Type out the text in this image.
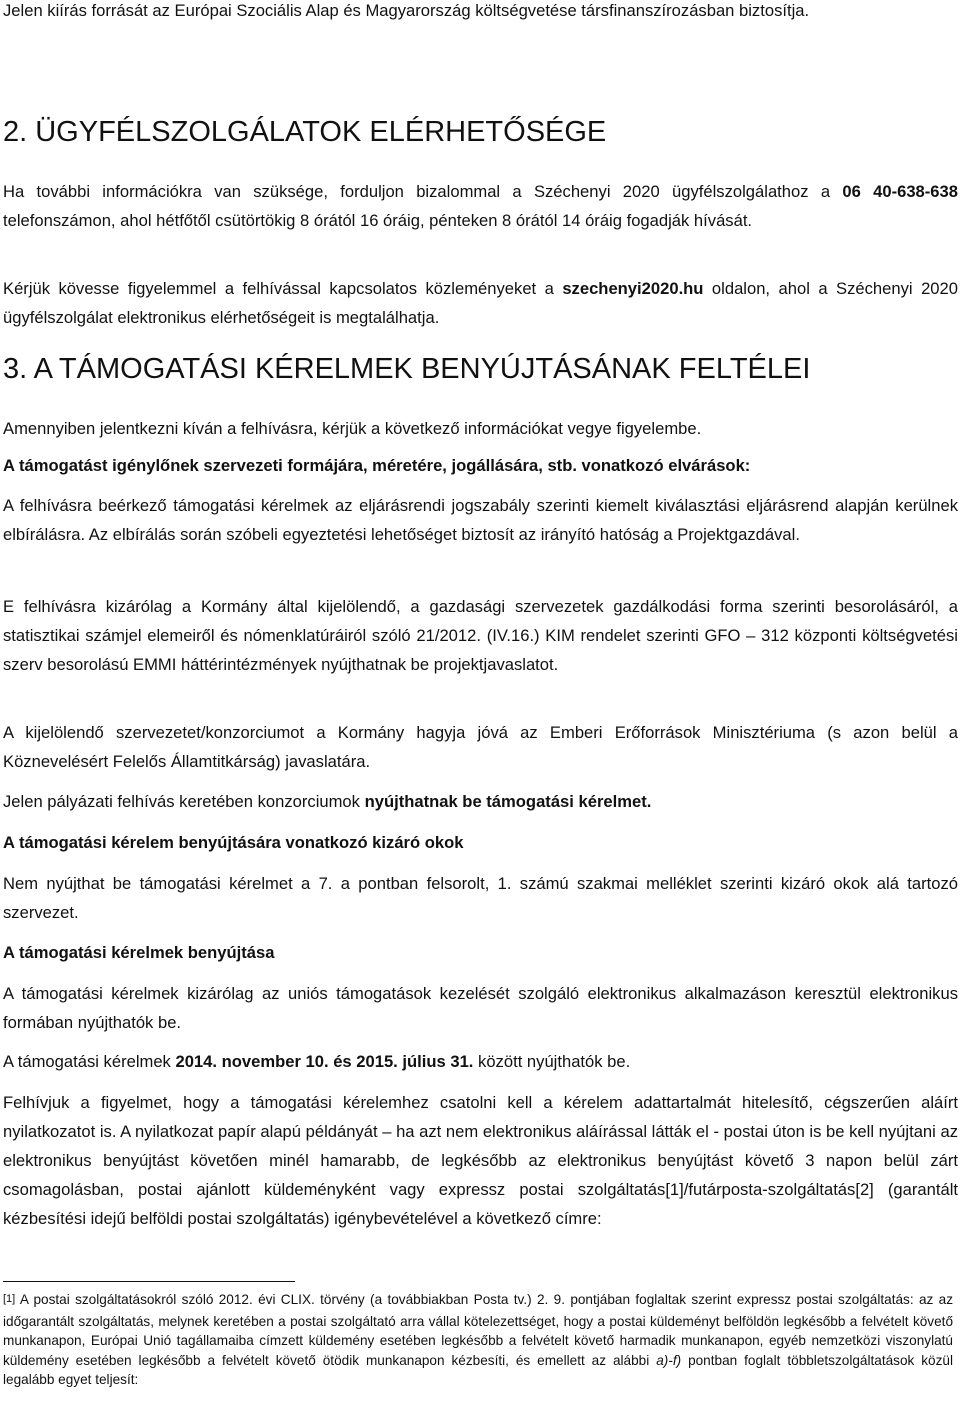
Jelen kiírás forrását az Európai Szociális Alap és Magyarország költségvetése társfinanszírozásban biztosítja.

2. ÜGYFÉLSZOLGÁLATOK ELÉRHETŐSÉGE

Ha további információkra van szüksége, forduljon bizalommal a Széchenyi 2020 ügyfélszolgálathoz a 06 40-638-638 telefonszámon, ahol hétfőtől csütörtökig 8 órától 16 óráig, pénteken 8 órától 14 óráig fogadják hívását.

Kérjük kövesse figyelemmel a felhívással kapcsolatos közleményeket a szechenyi2020.hu oldalon, ahol a Széchenyi 2020 ügyfélszolgálat elektronikus elérhetőségeit is megtalálhatja.

3. A TÁMOGATÁSI KÉRELMEK BENYÚJTÁSÁNAK FELTÉLEI

Amennyiben jelentkezni kíván a felhívásra, kérjük a következő információkat vegye figyelembe.

A támogatást igénylőnek szervezeti formájára, méretére, jogállására, stb. vonatkozó elvárások:

A felhívásra beérkező támogatási kérelmek az eljárásrendi jogszabály szerinti kiemelt kiválasztási eljárásrend alapján kerülnek elbírálásra. Az elbírálás során szóbeli egyeztetési lehetőséget biztosít az irányító hatóság a Projektgazdával.

E felhívásra kizárólag a Kormány által kijelölendő, a gazdasági szervezetek gazdálkodási forma szerinti besorolásáról, a statisztikai számjel elemeiről és nómenklatúráiról szóló 21/2012. (IV.16.) KIM rendelet szerinti GFO – 312 központi költségvetési szerv besorolású EMMI háttérintézmények nyújthatnak be projektjavaslatot.

A kijelölendő szervezetet/konzorciumot a Kormány hagyja jóvá az Emberi Erőforrások Minisztériuma (s azon belül a Köznevelésért Felelős Államtitkárság) javaslatára.

Jelen pályázati felhívás keretében konzorciumok nyújthatnak be támogatási kérelmet.

A támogatási kérelem benyújtására vonatkozó kizáró okok

Nem nyújthat be támogatási kérelmet a 7. a pontban felsorolt, 1. számú szakmai melléklet szerinti kizáró okok alá tartozó szervezet.

A támogatási kérelmek benyújtása

A támogatási kérelmek kizárólag az uniós támogatások kezelését szolgáló elektronikus alkalmazáson keresztül elektronikus formában nyújthatók be.

A támogatási kérelmek 2014. november 10. és 2015. július 31. között nyújthatók be.

Felhívjuk a figyelmet, hogy a támogatási kérelemhez csatolni kell a kérelem adattartalmát hitelesítő, cégszerűen aláírt nyilatkozatot is. A nyilatkozat papír alapú példányát – ha azt nem elektronikus aláírással látták el - postai úton is be kell nyújtani az elektronikus benyújtást követően minél hamarabb, de legkésőbb az elektronikus benyújtást követő 3 napon belül zárt csomagolásban, postai ajánlott küldeményként vagy expressz postai szolgáltatás[1]/futárposta-szolgáltatás[2] (garantált kézbesítési idejű belföldi postai szolgáltatás) igénybevételével a következő címre:

[1] A postai szolgáltatásokról szóló 2012. évi CLIX. törvény (a továbbiakban Posta tv.) 2. 9. pontjában foglaltak szerint expressz postai szolgáltatás: az az időgarantált szolgáltatás, melynek keretében a postai szolgáltató arra vállal kötelezettséget, hogy a postai küldeményt belföldön legkésőbb a felvételt követő munkanapon, Európai Unió tagállamaiba címzett küldemény esetében legkésőbb a felvételt követő harmadik munkanapon, egyéb nemzetközi viszonylatú küldemény esetében legkésőbb a felvételt követő ötödik munkanapon kézbesíti, és emellett az alábbi a)-f) pontban foglalt többletszolgáltatások közül legalább egyet teljesít:
